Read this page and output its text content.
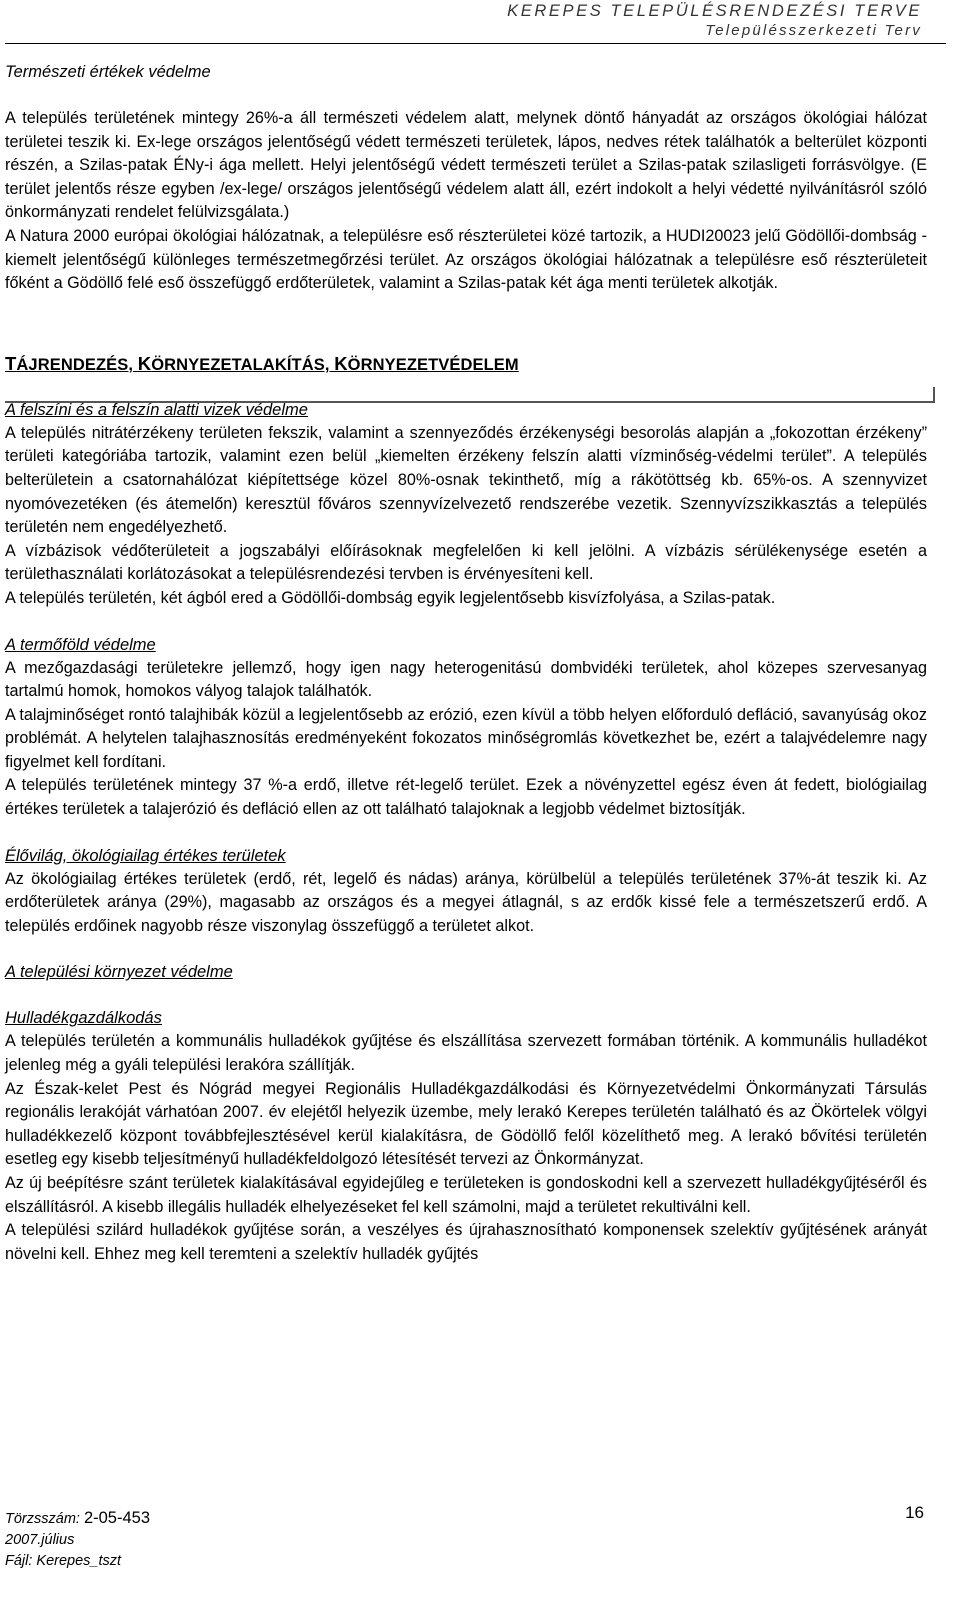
KEREPES TELEPÜLÉSRENDEZÉSI TERVE
Településszerkezeti Terv

Természeti értékek védelme

A település területének mintegy 26%-a áll természeti védelem alatt, melynek döntő hányadát az országos ökológiai hálózat területei teszik ki. Ex-lege országos jelentőségű védett természeti területek, lápos, nedves rétek találhatók a belterület központi részén, a Szilas-patak ÉNy-i ága mellett. Helyi jelentőségű védett természeti terület a Szilas-patak szilasligeti forrásvölgye. (E terület jelentős része egyben /ex-lege/ országos jelentőségű védelem alatt áll, ezért indokolt a helyi védetté nyilvánításról szóló önkormányzati rendelet felülvizsgálata.)

A Natura 2000 európai ökológiai hálózatnak, a településre eső részterületei közé tartozik, a HUDI20023 jelű Gödöllői-dombság - kiemelt jelentőségű különleges természetmegőrzési terület. Az országos ökológiai hálózatnak a településre eső részterületeit főként a Gödöllő felé eső összefüggő erdőterületek, valamint a Szilas-patak két ága menti területek alkotják.

TÁJRENDEZÉS, KÖRNYEZETALAKÍTÁS, KÖRNYEZETVÉDELEM

A felszíni és a felszín alatti vizek védelme

A település nitrátérzékeny területen fekszik, valamint a szennyeződés érzékenységi besorolás alapján a „fokozottan érzékeny” területi kategóriába tartozik, valamint ezen belül „kiemelten érzékeny felszín alatti vízminőség-védelmi terület”. A település belterületein a csatornahálózat kiépítettsége közel 80%-osnak tekinthető, míg a rákötöttség kb. 65%-os. A szennyvizet nyomóvezetéken (és átemelőn) keresztül főváros szennyvízelvezető rendszerébe vezetik. Szennyvízszikkasztás a település területén nem engedélyezhető.

A vízbázisok védőterületeit a jogszabályi előírásoknak megfelelően ki kell jelölni. A vízbázis sérülékenysége esetén a területhasználati korlátozásokat a településrendezési tervben is érvényesíteni kell.

A település területén, két ágból ered a Gödöllői-dombság egyik legjelentősebb kisvízfolyása, a Szilas-patak.

A termőföld védelme

A mezőgazdasági területekre jellemző, hogy igen nagy heterogenitású dombvidéki területek, ahol közepes szervesanyag tartalmú homok, homokos vályog talajok találhatók.

A talajminőséget rontó talajhibák közül a legjelentősebb az erózió, ezen kívül a több helyen előforduló defláció, savanyúság okoz problémát. A helytelen talajhasznosítás eredményeként fokozatos minőségromlás következhet be, ezért a talajvédelemre nagy figyelmet kell fordítani.

A település területének mintegy 37 %-a erdő, illetve rét-legelő terület. Ezek a növényzettel egész éven át fedett, biológiailag értékes területek a talajerózió és defláció ellen az ott található talajoknak a legjobb védelmet biztosítják.

Élővilág, ökológiailag értékes területek

Az ökológiailag értékes területek (erdő, rét, legelő és nádas) aránya, körülbelül a település területének 37%-át teszik ki. Az erdőterületek aránya (29%), magasabb az országos és a megyei átlagnál, s az erdők kissé fele a természetszerű erdő. A település erdőinek nagyobb része viszonylag összefüggő a területet alkot.

A települési környezet védelme

Hulladékgazdálkodás

A település területén a kommunális hulladékok gyűjtése és elszállítása szervezett formában történik. A kommunális hulladékot jelenleg még a gyáli települési lerakóra szállítják.

Az Észak-kelet Pest és Nógrád megyei Regionális Hulladékgazdálkodási és Környezetvédelmi Önkormányzati Társulás regionális lerakóját várhatóan 2007. év elejétől helyezik üzembe, mely lerakó Kerepes területén található és az Ökörtelek völgyi hulladékkezelő központ továbbfejlesztésével kerül kialakításra, de Gödöllő felől közelíthető meg. A lerakó bővítési területén esetleg egy kisebb teljesítményű hulladékfeldolgozó létesítését tervezi az Önkormányzat.

Az új beépítésre szánt területek kialakításával egyidejűleg e területeken is gondoskodni kell a szervezett hulladékgyűjtéséről és elszállításról. A kisebb illegális hulladék elhelyezéseket fel kell számolni, majd a területet rekultiválni kell.

A települési szilárd hulladékok gyűjtése során, a veszélyes és újrahasznosítható komponensek szelektív gyűjtésének arányát növelni kell. Ehhez meg kell teremteni a szelektív hulladék gyűjtés

Törzsszám: 2-05-453
2007.július
Fájl: Kerepes_tszt
16
